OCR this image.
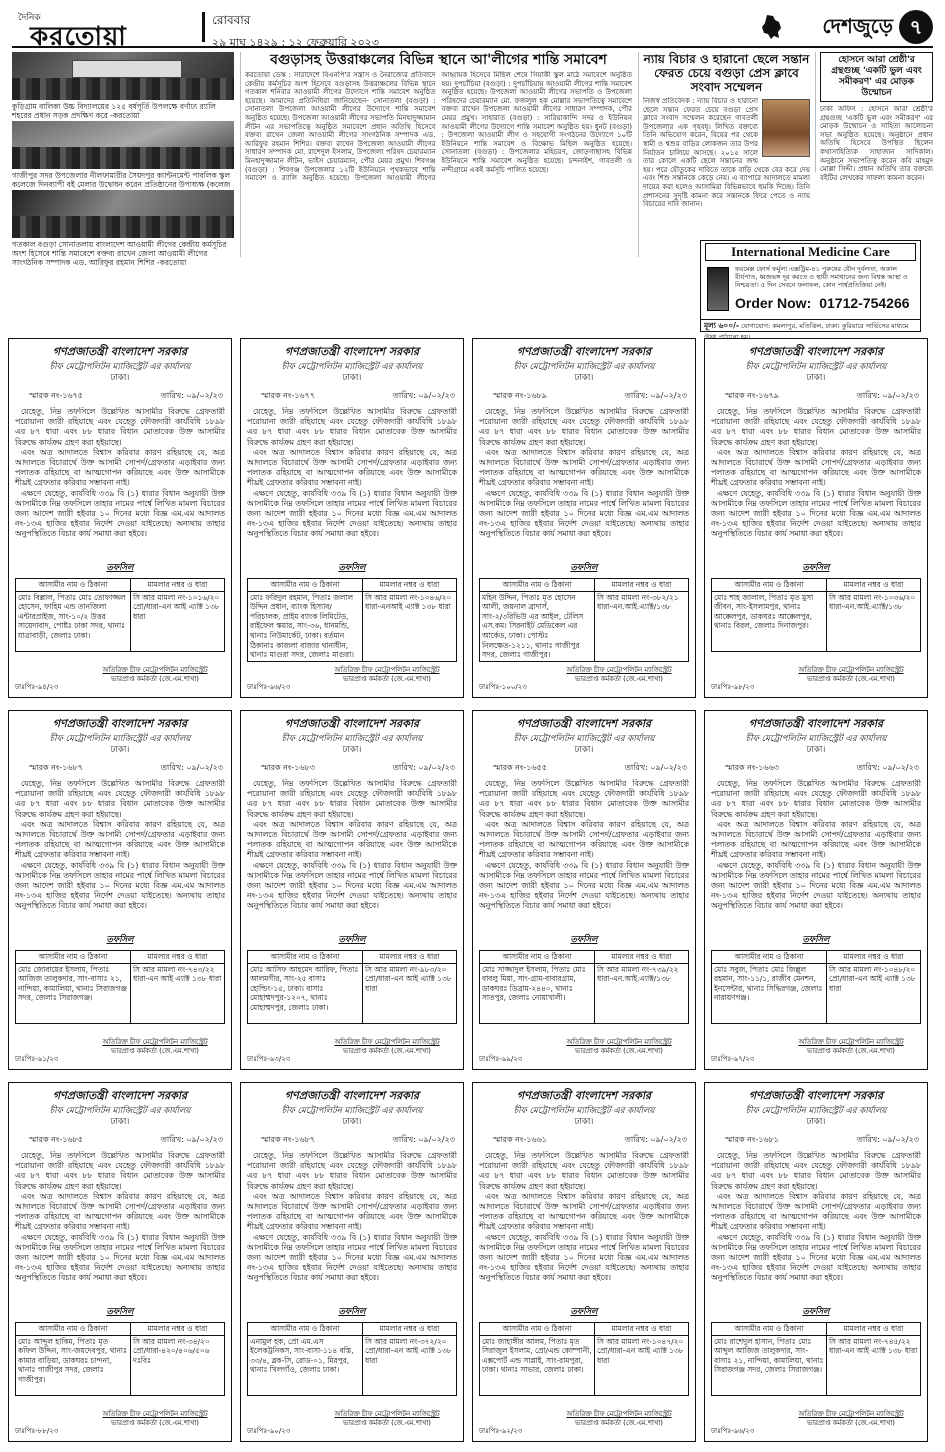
দৈনিক
করতোয়া
রোববার
২৯ মাঘ ১৪২৯ : ১২ ফেব্রুয়ারি ২০২৩
দেশজুড়ে ৭
কুড়িগ্রাম বালিকা উচ্চ বিদ্যালয়ের ১২৫ বর্ষপূর্তি উপলক্ষে বর্ণাঢ্য র‌্যালি শহরের প্রধান সড়ক প্রদক্ষিণ করে -করতোয়া
গাজীপুর সদর উপজেলার নীলফামারীর সৈয়দপুর ক্যান্টনমেন্ট পাবলিক স্কুল কলেজে দিনব্যাপী বই মেলার উদ্বোধন করেন প্রতিষ্ঠানের উপাধ্যক্ষ (কলেজ
গতকাল বগুড়া সোনাতলায় বাংলাদেশ আওয়ামী লীগের কেন্দ্রীয় কর্মসূচির অংশ হিসেবে শান্তি সমাবেশে বক্তব্য রাখেন জেলা আওয়ামী লীগের সাংগঠনিক সম্পাদক এড. আরিফুর রহমান শিশির -করতোয়া
বগুড়াসহ উত্তরাঞ্চলের বিভিন্ন স্থানে আ'লীগের শান্তি সমাবেশ
করতোয়া ডেস্ক : সারাদেশে বিএনপি'র সন্ত্রাস ও নৈরাজ্যের প্রতিবাদে কেন্দ্রীয় কর্মসূচির অংশ হিসেবে বগুড়াসহ উত্তরাঞ্চলের বিভিন্ন স্থানে গতকাল শনিবার আওয়ামী লীগের উদ্যোগে শান্তি সমাবেশ অনুষ্ঠিত হয়েছে। আমাদের প্রতিনিধিরা জানিয়েছেন- সোনাতলা (বগুড়া) : সোনাতলা উপজেলা আওয়ামী লীগের উদ্যোগে শান্তি সমাবেশ অনুষ্ঠিত হয়েছে। উপজেলা আওয়ামী লীগের সভাপতি মিনহাদুজ্জামান লীটন এর সভাপতিত্বে অনুষ্ঠিত সমাবেশে প্রধান অতিথি হিসেবে বক্তব্য রাখেন জেলা আওয়ামী লীগের সাংগঠনিক সম্পাদক এড. আরিফুর রহমান শিশির। বক্তব্য রাখেন উপজেলা আওয়ামী লীগের সাধারণ সম্পাদক মো. রাশেদুল ইসলাম, উপজেলা পরিষদ চেয়ারম্যান মিনহাদুজ্জামান লীটন, ভাইস চেয়ারম্যান, পৌর মেয়র প্রমুখ। শিবগঞ্জ (বগুড়া) : শিবগঞ্জ উপজেলার ১২টি ইউনিয়নে পৃথকভাবে শান্তি সমাবেশ ও র‌্যালি অনুষ্ঠিত হয়েছে। উপজেলা আওয়ামী লীগের আহ্বায়ক হিসেবে মিছিল শেষে সিয়াকী স্কুল মাঠে সমাবেশে অনুষ্ঠিত হয়। দুপচাঁচিয়া (বগুড়া) : দুপচাঁচিয়ায় আওয়ামী লীগের শান্তি সমাবেশ অনুষ্ঠিত হয়েছে। উপজেলা আওয়ামী লীগের সভাপতি ও উপজেলা পরিষদের চেয়ারম্যান মো. ফজলুল হক মোল্লার সভাপতিত্বে সমাবেশে বক্তব্য রাখেন উপজেলা আওয়ামী লীগের সাধারণ সম্পাদক, পৌর মেয়র প্রমুখ। সাহারাত (বগুড়া) : সারিয়াকান্দি সদর ও ইউনিয়ন আওয়ামী লীগের উদ্যোগে শান্তি সমাবেশ অনুষ্ঠিত হয়। ধুনট (বগুড়া) : উপজেলা আওয়ামী লীগ ও সহযোগী সংগঠনের উদ্যোগে ১০টি ইউনিয়নে শান্তি সমাবেশ ও বিক্ষোভ মিছিল অনুষ্ঠিত হয়েছে। সোনাতলা (বগুড়া) : উপজেলার মহিচরণ, জোড়গাছাসহ বিভিন্ন ইউনিয়নে শান্তি সমাবেশ অনুষ্ঠিত হয়েছে। চন্দনাইশ, গাবতলী ও নন্দীগ্রামে একই কর্মসূচি পালিত হয়েছে।
ন্যায় বিচার ও হারানো ছেলে সন্তান ফেরত চেয়ে বগুড়া প্রেস ক্লাবে সংবাদ সম্মেলন
নিজস্ব প্রতিবেদক : ন্যায় বিচার ও হারানো ছেলে সন্তান ফেরত চেয়ে বগুড়া প্রেস ক্লাবে সংবাদ সম্মেলন করেছেন গাবতলী উপজেলার এক গৃহবধূ। লিখিত বক্তব্যে তিনি অভিযোগ করেন, বিয়ের পর থেকে স্বামী ও শ্বশুর বাড়ির লোকজন তার উপর নির্যাতন চালিয়ে আসছে। ২০১৫ সালে তার কোলে একটি ছেলে সন্তানের জন্ম হয়। পরে যৌতুকের দাবিতে তাকে বাড়ি থেকে বের করে দেয় এবং শিশু সন্তানকে কেড়ে নেয়। এ ব্যাপারে আদালতে মামলা দায়ের করা হলেও আসামিরা বিভিন্নভাবে হুমকি দিচ্ছে। তিনি প্রশাসনের সুদৃষ্টি কামনা করে সন্তানকে ফিরে পেতে ও ন্যায় বিচারের দাবি জানান।
হোসনে আরা শ্রেষ্ঠী'র গ্রন্থগুচ্ছ 'একটি ভুল এবং সমীকরণ' এর মোড়ক উন্মোচন
ঢাকা অফিস : হোসনে আরা শ্রেষ্ঠী'র গ্রন্থগুচ্ছ 'একটি ভুল এবং সমীকরণ' এর মোড়ক উন্মোচন ও সাহিত্য আলোচনা সভা অনুষ্ঠিত হয়েছে। অনুষ্ঠানে প্রধান অতিথি হিসেবে উপস্থিত ছিলেন কথাসাহিত্যিক সাহাজান সাদিকাল। অনুষ্ঠানে সভাপতিত্ব করেন কবি মাহমুদ মোল্লা সিদ্দী। প্রধান অতিথি তার বক্তব্যে বইটির লেখকের সাফল্য কামনা করেন।
International Medicine Care
ফরমেক্স ফোর্স ফর্মুলা এক্সট্রিম-৪১ পুরুষের যৌন দুর্বলতা, অকাল বীর্যপাত, ধ্বজভঙ্গ দূর করতে ও স্থায়ী সমাধানের জন্য বিশ্বস্ত আস্থা ও নিশ্চয়তা। ৫ দিন সেবনে ফলাফল, কোন পার্শ্বপ্রতিক্রিয়া নেই।
Order Now: 01712-754266
মূল্য ৬০০/- যোগাযোগ: কমলাপুর, মতিঝিল, ঢাকা। কুরিয়ারে সার্ভিসের মাধ্যমে ঔষধ পাঠানো হয়।
গণপ্রজাতন্ত্রী বাংলাদেশ সরকার
চীফ মেট্রোপলিটন ম্যাজিস্ট্রেট এর কার্যালয়
ঢাকা।
স্মারক নং-১৬৭৫	তারিখ: ০৯/০২/২৩

যেহেতু, নিম্ন তফসিলে উল্লেখিত আসামীর বিরুদ্ধে গ্রেফতারী পরোয়ানা জারী রহিয়াছে এবং যেহেতু ফৌজদারী কার্যবিধি ১৮৯৮ এর ৮৭ ধারা এবং ৮৮ ধারার বিধান মোতাবেক উক্ত আসামীর বিরুদ্ধে কার্যক্রম গ্রহণ করা হইয়াছে।

এবং অত্র আদালতে বিশ্বাস করিবার কারণ রহিয়াছে যে, অত্র আদালতে বিচারার্থে উক্ত আসামী সোপর্দ/গ্রেফতার এড়াইবার জন্য পলাতক রহিয়াছে বা আত্মগোপন করিয়াছে এবং উক্ত আসামীকে শীঘ্রই গ্রেফতার করিবার সম্ভাবনা নাই।

এক্ষণে যেহেতু, কার্যবিধি ৩৩৯ বি (১) ধারার বিধান অনুযায়ী উক্ত আসামীকে নিম্ন তফসিলে তাহার নামের পার্শ্বে লিখিত মামলা বিচারের জন্য আদেশ জারী হইবার ১০ দিনের মধ্যে বিজ্ঞ এম.এম আদালত নং-১৩এ হাজির হইবার নির্দেশ দেওয়া যাইতেছে। অন্যথায় তাহার অনুপস্থিতিতে বিচার কার্য সমাধা করা হইবে।

তফসিল
আসামীর নাম ও ঠিকানা	মামলার নম্বর ও ধারা
মোঃ বিল্লাল, পিতাঃ মোঃ তোফাজ্জল হোসেন, ফাহিম এন্ড তানজিলা এন্টারপ্রাইজ, সাং-১০/২ উত্তর সায়েদাবাদ, পোষ্টঃ ঢাকা সদর, থানাঃ যাত্রাবাড়ী, জেলাঃ ঢাকা।	সি আর মামলা নং-১০১৬/২০ প্রো/ধারা-এন আই এ্যাক্ট ১৩৮ ধারা
অতিরিক্ত চীফ মেট্রোপলিটন ম্যাজিস্ট্রেট
ভারপ্রাপ্ত কর্মকর্তা (জে.এম.শাখা)
ঢাঃপিঃ-৯৪/২৩
গণপ্রজাতন্ত্রী বাংলাদেশ সরকার
চীফ মেট্রোপলিটন ম্যাজিস্ট্রেট এর কার্যালয়
ঢাকা।
স্মারক নং-১৬৭৭	তারিখ: ০৯/০২/২৩

যেহেতু, নিম্ন তফসিলে উল্লেখিত আসামীর বিরুদ্ধে গ্রেফতারী পরোয়ানা জারী রহিয়াছে এবং যেহেতু ফৌজদারী কার্যবিধি ১৮৯৮ এর ৮৭ ধারা এবং ৮৮ ধারার বিধান মোতাবেক উক্ত আসামীর বিরুদ্ধে কার্যক্রম গ্রহণ করা হইয়াছে।

এবং অত্র আদালতে বিশ্বাস করিবার কারণ রহিয়াছে যে, অত্র আদালতে বিচারার্থে উক্ত আসামী সোপর্দ/গ্রেফতার এড়াইবার জন্য পলাতক রহিয়াছে বা আত্মগোপন করিয়াছে এবং উক্ত আসামীকে শীঘ্রই গ্রেফতার করিবার সম্ভাবনা নাই।

এক্ষণে যেহেতু, কার্যবিধি ৩৩৯ বি (১) ধারার বিধান অনুযায়ী উক্ত আসামীকে নিম্ন তফসিলে তাহার নামের পার্শ্বে লিখিত মামলা বিচারের জন্য আদেশ জারী হইবার ১০ দিনের মধ্যে বিজ্ঞ এম.এম আদালত নং-১৩এ হাজির হইবার নির্দেশ দেওয়া যাইতেছে। অন্যথায় তাহার অনুপস্থিতিতে বিচার কার্য সমাধা করা হইবে।

তফসিল
আসামীর নাম ও ঠিকানা	মামলার নম্বর ও ধারা
মোঃ ফরিদুল রহমান, পিতাঃ জলাল উদ্দিন প্রধান, ব্যাংক হিস্যাব/পরিচালক, প্রাইম ব্যাংক লিমিটেড, রাইফেল স্কয়ার, সাং-৩৬, ধানমন্ডি, থানাঃ নিউমার্কেট, ঢাকা। বর্তমান ঠিকানাঃ কাজলা বাজার থানাধীন, থানাঃ মাগুরা সদর, জেলাঃ মাগুরা।	সি আর মামলা নং-১০৪৬/২০ ধারা-এনআই এ্যাক্ট ১৩৮ ধারা
অতিরিক্ত চীফ মেট্রোপলিটন ম্যাজিস্ট্রেট
ভারপ্রাপ্ত কর্মকর্তা (জে.এম.শাখা)
ঢাঃপিঃ-৯৬/২৩
গণপ্রজাতন্ত্রী বাংলাদেশ সরকার
চীফ মেট্রোপলিটন ম্যাজিস্ট্রেট এর কার্যালয়
ঢাকা।
স্মারক নং-১৬৮৯	তারিখ: ০৯/০২/২৩

যেহেতু, নিম্ন তফসিলে উল্লেখিত আসামীর বিরুদ্ধে গ্রেফতারী পরোয়ানা জারী রহিয়াছে এবং যেহেতু ফৌজদারী কার্যবিধি ১৮৯৮ এর ৮৭ ধারা এবং ৮৮ ধারার বিধান মোতাবেক উক্ত আসামীর বিরুদ্ধে কার্যক্রম গ্রহণ করা হইয়াছে।

এবং অত্র আদালতে বিশ্বাস করিবার কারণ রহিয়াছে যে, অত্র আদালতে বিচারার্থে উক্ত আসামী সোপর্দ/গ্রেফতার এড়াইবার জন্য পলাতক রহিয়াছে বা আত্মগোপন করিয়াছে এবং উক্ত আসামীকে শীঘ্রই গ্রেফতার করিবার সম্ভাবনা নাই।

এক্ষণে যেহেতু, কার্যবিধি ৩৩৯ বি (১) ধারার বিধান অনুযায়ী উক্ত আসামীকে নিম্ন তফসিলে তাহার নামের পার্শ্বে লিখিত মামলা বিচারের জন্য আদেশ জারী হইবার ১০ দিনের মধ্যে বিজ্ঞ এম.এম আদালত নং-১৩এ হাজির হইবার নির্দেশ দেওয়া যাইতেছে। অন্যথায় তাহার অনুপস্থিতিতে বিচার কার্য সমাধা করা হইবে।

তফসিল
আসামীর নাম ও ঠিকানা	মামলার নম্বর ও ধারা
মহিন উদ্দিন, পিতাঃ মৃত হোসেন আলী, জয়নাল ব্রাদার্স, সাং-২/৩রিভিউ এর আইল, টেলিস এস.কম। সিরনাইট মেডিকেল এর আর্কেড, ঢাকা। পোস্টঃ নিলক্ষেত-১২১১, থানাঃ গাজীপুর সদর, জেলাঃ গাজীপুর।	সি আর মামলা নং-৩৮২/২১ ধারা-এন.আই.এ্যাক্ট/১৩৮
অতিরিক্ত চীফ মেট্রোপলিটন ম্যাজিস্ট্রেট
ভারপ্রাপ্ত কর্মকর্তা (জে.এম.শাখা)
ঢাঃপিঃ-১০০/২৩
গণপ্রজাতন্ত্রী বাংলাদেশ সরকার
চীফ মেট্রোপলিটন ম্যাজিস্ট্রেট এর কার্যালয়
ঢাকা।
স্মারক নং-১৬৭৯	তারিখ: ০৯/০২/২৩

যেহেতু, নিম্ন তফসিলে উল্লেখিত আসামীর বিরুদ্ধে গ্রেফতারী পরোয়ানা জারী রহিয়াছে এবং যেহেতু ফৌজদারী কার্যবিধি ১৮৯৮ এর ৮৭ ধারা এবং ৮৮ ধারার বিধান মোতাবেক উক্ত আসামীর বিরুদ্ধে কার্যক্রম গ্রহণ করা হইয়াছে।

এবং অত্র আদালতে বিশ্বাস করিবার কারণ রহিয়াছে যে, অত্র আদালতে বিচারার্থে উক্ত আসামী সোপর্দ/গ্রেফতার এড়াইবার জন্য পলাতক রহিয়াছে বা আত্মগোপন করিয়াছে এবং উক্ত আসামীকে শীঘ্রই গ্রেফতার করিবার সম্ভাবনা নাই।

এক্ষণে যেহেতু, কার্যবিধি ৩৩৯ বি (১) ধারার বিধান অনুযায়ী উক্ত আসামীকে নিম্ন তফসিলে তাহার নামের পার্শ্বে লিখিত মামলা বিচারের জন্য আদেশ জারী হইবার ১০ দিনের মধ্যে বিজ্ঞ এম.এম আদালত নং-১৩এ হাজির হইবার নির্দেশ দেওয়া যাইতেছে। অন্যথায় তাহার অনুপস্থিতিতে বিচার কার্য সমাধা করা হইবে।

তফসিল
আসামীর নাম ও ঠিকানা	মামলার নম্বর ও ধারা
মোঃ শাহ জালাল, পিতাঃ মৃত মুসা জীবন, সাং-ইসলামপুর, থানাঃ আক্কেলপুর, ডাকঘরঃ আক্কেলপুর, থানাঃ বিরল, জেলাঃ দিনাজপুর।	সি আর মামলা নং-১০৩৬/২০ ধারা-এন.আই.এ্যাক্ট/১৩৮
অতিরিক্ত চীফ মেট্রোপলিটন ম্যাজিস্ট্রেট
ভারপ্রাপ্ত কর্মকর্তা (জে.এম.শাখা)
ঢাঃপিঃ-৯৮/২৩
গণপ্রজাতন্ত্রী বাংলাদেশ সরকার
চীফ মেট্রোপলিটন ম্যাজিস্ট্রেট এর কার্যালয়
ঢাকা।
স্মারক নং-১৬৮৭	তারিখ: ০৯/০২/২৩

যেহেতু, নিম্ন তফসিলে উল্লেখিত আসামীর বিরুদ্ধে গ্রেফতারী পরোয়ানা জারী রহিয়াছে এবং যেহেতু ফৌজদারী কার্যবিধি ১৮৯৮ এর ৮৭ ধারা এবং ৮৮ ধারার বিধান মোতাবেক উক্ত আসামীর বিরুদ্ধে কার্যক্রম গ্রহণ করা হইয়াছে।

এবং অত্র আদালতে বিশ্বাস করিবার কারণ রহিয়াছে যে, অত্র আদালতে বিচারার্থে উক্ত আসামী সোপর্দ/গ্রেফতার এড়াইবার জন্য পলাতক রহিয়াছে বা আত্মগোপন করিয়াছে এবং উক্ত আসামীকে শীঘ্রই গ্রেফতার করিবার সম্ভাবনা নাই।

এক্ষণে যেহেতু, কার্যবিধি ৩৩৯ বি (১) ধারার বিধান অনুযায়ী উক্ত আসামীকে নিম্ন তফসিলে তাহার নামের পার্শ্বে লিখিত মামলা বিচারের জন্য আদেশ জারী হইবার ১০ দিনের মধ্যে বিজ্ঞ এম.এম আদালত নং-১৩এ হাজির হইবার নির্দেশ দেওয়া যাইতেছে। অন্যথায় তাহার অনুপস্থিতিতে বিচার কার্য সমাধা করা হইবে।

তফসিল
আসামীর নাম ও ঠিকানা	মামলার নম্বর ও ধারা
মোঃ জোবায়ের ইসলাম, পিতাঃ আজিজ তালুকদার, সাং-বাসাঃ ২১, নান্দিয়া, কামালিয়া, থানাঃ সিরাজগঞ্জ সদর, জেলাঃ সিরাজগঞ্জ।	সি আর মামলা নং-৭৪৩/২২ ধারা-এন আই এ্যাক্ট ১৩৮ ধারা
অতিরিক্ত চীফ মেট্রোপলিটন ম্যাজিস্ট্রেট
ভারপ্রাপ্ত কর্মকর্তা (জে.এম.শাখা)
ঢাঃপিঃ-৯১/২৩
গণপ্রজাতন্ত্রী বাংলাদেশ সরকার
চীফ মেট্রোপলিটন ম্যাজিস্ট্রেট এর কার্যালয়
ঢাকা।
স্মারক নং-১৬৮৩	তারিখ: ০৯/০২/২৩

যেহেতু, নিম্ন তফসিলে উল্লেখিত আসামীর বিরুদ্ধে গ্রেফতারী পরোয়ানা জারী রহিয়াছে এবং যেহেতু ফৌজদারী কার্যবিধি ১৮৯৮ এর ৮৭ ধারা এবং ৮৮ ধারার বিধান মোতাবেক উক্ত আসামীর বিরুদ্ধে কার্যক্রম গ্রহণ করা হইয়াছে।

এবং অত্র আদালতে বিশ্বাস করিবার কারণ রহিয়াছে যে, অত্র আদালতে বিচারার্থে উক্ত আসামী সোপর্দ/গ্রেফতার এড়াইবার জন্য পলাতক রহিয়াছে বা আত্মগোপন করিয়াছে এবং উক্ত আসামীকে শীঘ্রই গ্রেফতার করিবার সম্ভাবনা নাই।

এক্ষণে যেহেতু, কার্যবিধি ৩৩৯ বি (১) ধারার বিধান অনুযায়ী উক্ত আসামীকে নিম্ন তফসিলে তাহার নামের পার্শ্বে লিখিত মামলা বিচারের জন্য আদেশ জারী হইবার ১০ দিনের মধ্যে বিজ্ঞ এম.এম আদালত নং-১৩এ হাজির হইবার নির্দেশ দেওয়া যাইতেছে। অন্যথায় তাহার অনুপস্থিতিতে বিচার কার্য সমাধা করা হইবে।

তফসিল
আসামীর নাম ও ঠিকানা	মামলার নম্বর ও ধারা
মোঃ আসিফ আহমেদ আরিফ, পিতাঃ আলমগীর, সাং-২৫ বাসাঃ হোল্ডিং-১৫, ঢাকা। বাসাঃ মোহাম্মদপুর-১২০৭, থানাঃ মোহাম্মদপুর, জেলাঃ ঢাকা।	সি আর মামলা নং-৯৮৩/২০ প্রো/ধারা-এন আই এ্যাক্ট ১৩৮ ধারা
অতিরিক্ত চীফ মেট্রোপলিটন ম্যাজিস্ট্রেট
ভারপ্রাপ্ত কর্মকর্তা (জে.এম.শাখা)
ঢাঃপিঃ-৯৩/২৩
গণপ্রজাতন্ত্রী বাংলাদেশ সরকার
চীফ মেট্রোপলিটন ম্যাজিস্ট্রেট এর কার্যালয়
ঢাকা।
স্মারক নং-১৬৫৫	তারিখ: ০৯/০২/২৩

যেহেতু, নিম্ন তফসিলে উল্লেখিত আসামীর বিরুদ্ধে গ্রেফতারী পরোয়ানা জারী রহিয়াছে এবং যেহেতু ফৌজদারী কার্যবিধি ১৮৯৮ এর ৮৭ ধারা এবং ৮৮ ধারার বিধান মোতাবেক উক্ত আসামীর বিরুদ্ধে কার্যক্রম গ্রহণ করা হইয়াছে।

এবং অত্র আদালতে বিশ্বাস করিবার কারণ রহিয়াছে যে, অত্র আদালতে বিচারার্থে উক্ত আসামী সোপর্দ/গ্রেফতার এড়াইবার জন্য পলাতক রহিয়াছে বা আত্মগোপন করিয়াছে এবং উক্ত আসামীকে শীঘ্রই গ্রেফতার করিবার সম্ভাবনা নাই।

এক্ষণে যেহেতু, কার্যবিধি ৩৩৯ বি (১) ধারার বিধান অনুযায়ী উক্ত আসামীকে নিম্ন তফসিলে তাহার নামের পার্শ্বে লিখিত মামলা বিচারের জন্য আদেশ জারী হইবার ১০ দিনের মধ্যে বিজ্ঞ এম.এম আদালত নং-১৩এ হাজির হইবার নির্দেশ দেওয়া যাইতেছে। অন্যথায় তাহার অনুপস্থিতিতে বিচার কার্য সমাধা করা হইবে।

তফসিল
আসামীর নাম ও ঠিকানা	মামলার নম্বর ও ধারা
মোঃ সাজ্জাদুল ইসলাম, পিতাঃ মোঃ বাবলু মিয়া, সাং-গ্রাম-বাবারগ্রাম, ডাকঘরঃ ডিব্রাম-২৪৪০, থানাঃ সাতপুর, জেলাঃ নোয়াখালী।	সি আর মামলা নং-৭৩৯/২২ ধারা-এন.আই.এ্যাক্ট/১৩৮
অতিরিক্ত চীফ মেট্রোপলিটন ম্যাজিস্ট্রেট
ভারপ্রাপ্ত কর্মকর্তা (জে.এম.শাখা)
ঢাঃপিঃ-৯৯/২৩
গণপ্রজাতন্ত্রী বাংলাদেশ সরকার
চীফ মেট্রোপলিটন ম্যাজিস্ট্রেট এর কার্যালয়
ঢাকা।
স্মারক নং-১৬৬৩	তারিখ: ০৯/০২/২৩

যেহেতু, নিম্ন তফসিলে উল্লেখিত আসামীর বিরুদ্ধে গ্রেফতারী পরোয়ানা জারী রহিয়াছে এবং যেহেতু ফৌজদারী কার্যবিধি ১৮৯৮ এর ৮৭ ধারা এবং ৮৮ ধারার বিধান মোতাবেক উক্ত আসামীর বিরুদ্ধে কার্যক্রম গ্রহণ করা হইয়াছে।

এবং অত্র আদালতে বিশ্বাস করিবার কারণ রহিয়াছে যে, অত্র আদালতে বিচারার্থে উক্ত আসামী সোপর্দ/গ্রেফতার এড়াইবার জন্য পলাতক রহিয়াছে বা আত্মগোপন করিয়াছে এবং উক্ত আসামীকে শীঘ্রই গ্রেফতার করিবার সম্ভাবনা নাই।

এক্ষণে যেহেতু, কার্যবিধি ৩৩৯ বি (১) ধারার বিধান অনুযায়ী উক্ত আসামীকে নিম্ন তফসিলে তাহার নামের পার্শ্বে লিখিত মামলা বিচারের জন্য আদেশ জারী হইবার ১০ দিনের মধ্যে বিজ্ঞ এম.এম আদালত নং-১৩এ হাজির হইবার নির্দেশ দেওয়া যাইতেছে। অন্যথায় তাহার অনুপস্থিতিতে বিচার কার্য সমাধা করা হইবে।

তফসিল
আসামীর নাম ও ঠিকানা	মামলার নম্বর ও ধারা
মোঃ সবুজ, পিতাঃ মোঃ জিল্লুল রহমান, সাং-১১/১, রাজীব মেনশন, ইনসেন্টার, থানাঃ সিদ্ধিরগঞ্জ, জেলাঃ নারায়ণগঞ্জ।	সি আর মামলা নং-১০৪৮/২০ প্রো/ধারা-এন আই এ্যাক্ট ১৩৮ ধারা
অতিরিক্ত চীফ মেট্রোপলিটন ম্যাজিস্ট্রেট
ভারপ্রাপ্ত কর্মকর্তা (জে.এম.শাখা)
ঢাঃপিঃ-৯৭/২৩
গণপ্রজাতন্ত্রী বাংলাদেশ সরকার
চীফ মেট্রোপলিটন ম্যাজিস্ট্রেট এর কার্যালয়
ঢাকা।
স্মারক নং-১৬৮৫	তারিখ: ০৯/০২/২৩

যেহেতু, নিম্ন তফসিলে উল্লেখিত আসামীর বিরুদ্ধে গ্রেফতারী পরোয়ানা জারী রহিয়াছে এবং যেহেতু ফৌজদারী কার্যবিধি ১৮৯৮ এর ৮৭ ধারা এবং ৮৮ ধারার বিধান মোতাবেক উক্ত আসামীর বিরুদ্ধে কার্যক্রম গ্রহণ করা হইয়াছে।

এবং অত্র আদালতে বিশ্বাস করিবার কারণ রহিয়াছে যে, অত্র আদালতে বিচারার্থে উক্ত আসামী সোপর্দ/গ্রেফতার এড়াইবার জন্য পলাতক রহিয়াছে বা আত্মগোপন করিয়াছে এবং উক্ত আসামীকে শীঘ্রই গ্রেফতার করিবার সম্ভাবনা নাই।

এক্ষণে যেহেতু, কার্যবিধি ৩৩৯ বি (১) ধারার বিধান অনুযায়ী উক্ত আসামীকে নিম্ন তফসিলে তাহার নামের পার্শ্বে লিখিত মামলা বিচারের জন্য আদেশ জারী হইবার ১০ দিনের মধ্যে বিজ্ঞ এম.এম আদালত নং-১৩এ হাজির হইবার নির্দেশ দেওয়া যাইতেছে। অন্যথায় তাহার অনুপস্থিতিতে বিচার কার্য সমাধা করা হইবে।

তফসিল
আসামীর নাম ও ঠিকানা	মামলার নম্বর ও ধারা
মোঃ আব্দুল হাকিম, পিতাঃ মৃত কফিল উদ্দিন, সাং-জয়দেবপুর, থানাঃ কামার বাড়িয়া, ডাকঘরঃ চান্দনা, থানাঃ গাজীপুর সদর, জেলাঃ গাজীপুর।	সি আর মামলা নং-৩৪/২০ প্রো/ধারা-৪২০/৪০৬/৫০৬ দঃবিঃ
অতিরিক্ত চীফ মেট্রোপলিটন ম্যাজিস্ট্রেট
ভারপ্রাপ্ত কর্মকর্তা (জে.এম.শাখা)
ঢাঃপিঃ-৮৮/২৩
গণপ্রজাতন্ত্রী বাংলাদেশ সরকার
চীফ মেট্রোপলিটন ম্যাজিস্ট্রেট এর কার্যালয়
ঢাকা।
স্মারক নং-১৬৮৭	তারিখ: ০৯/০২/২৩

যেহেতু, নিম্ন তফসিলে উল্লেখিত আসামীর বিরুদ্ধে গ্রেফতারী পরোয়ানা জারী রহিয়াছে এবং যেহেতু ফৌজদারী কার্যবিধি ১৮৯৮ এর ৮৭ ধারা এবং ৮৮ ধারার বিধান মোতাবেক উক্ত আসামীর বিরুদ্ধে কার্যক্রম গ্রহণ করা হইয়াছে।

এবং অত্র আদালতে বিশ্বাস করিবার কারণ রহিয়াছে যে, অত্র আদালতে বিচারার্থে উক্ত আসামী সোপর্দ/গ্রেফতার এড়াইবার জন্য পলাতক রহিয়াছে বা আত্মগোপন করিয়াছে এবং উক্ত আসামীকে শীঘ্রই গ্রেফতার করিবার সম্ভাবনা নাই।

এক্ষণে যেহেতু, কার্যবিধি ৩৩৯ বি (১) ধারার বিধান অনুযায়ী উক্ত আসামীকে নিম্ন তফসিলে তাহার নামের পার্শ্বে লিখিত মামলা বিচারের জন্য আদেশ জারী হইবার ১০ দিনের মধ্যে বিজ্ঞ এম.এম আদালত নং-১৩এ হাজির হইবার নির্দেশ দেওয়া যাইতেছে। অন্যথায় তাহার অনুপস্থিতিতে বিচার কার্য সমাধা করা হইবে।

তফসিল
আসামীর নাম ও ঠিকানা	মামলার নম্বর ও ধারা
এনামুল হক, প্রো এম.এস ইলেকট্রনিকস, সাং-বাসা-১১৪ বস্তি, ৩৩/৪, ব্লক-সি, রোড-০১, মিরপুর, থানাঃ খিলগাঁও, জেলাঃ ঢাকা।	সি আর মামলা নং-৩৭২/২০ প্রো/ধারা-এন আই এ্যাক্ট ১৩৮ ধারা
অতিরিক্ত চীফ মেট্রোপলিটন ম্যাজিস্ট্রেট
ভারপ্রাপ্ত কর্মকর্তা (জে.এম.শাখা)
ঢাঃপিঃ-৯০/২৩
গণপ্রজাতন্ত্রী বাংলাদেশ সরকার
চীফ মেট্রোপলিটন ম্যাজিস্ট্রেট এর কার্যালয়
ঢাকা।
স্মারক নং-১৬৬১	তারিখ: ০৯/০২/২৩

যেহেতু, নিম্ন তফসিলে উল্লেখিত আসামীর বিরুদ্ধে গ্রেফতারী পরোয়ানা জারী রহিয়াছে এবং যেহেতু ফৌজদারী কার্যবিধি ১৮৯৮ এর ৮৭ ধারা এবং ৮৮ ধারার বিধান মোতাবেক উক্ত আসামীর বিরুদ্ধে কার্যক্রম গ্রহণ করা হইয়াছে।

এবং অত্র আদালতে বিশ্বাস করিবার কারণ রহিয়াছে যে, অত্র আদালতে বিচারার্থে উক্ত আসামী সোপর্দ/গ্রেফতার এড়াইবার জন্য পলাতক রহিয়াছে বা আত্মগোপন করিয়াছে এবং উক্ত আসামীকে শীঘ্রই গ্রেফতার করিবার সম্ভাবনা নাই।

এক্ষণে যেহেতু, কার্যবিধি ৩৩৯ বি (১) ধারার বিধান অনুযায়ী উক্ত আসামীকে নিম্ন তফসিলে তাহার নামের পার্শ্বে লিখিত মামলা বিচারের জন্য আদেশ জারী হইবার ১০ দিনের মধ্যে বিজ্ঞ এম.এম আদালত নং-১৩এ হাজির হইবার নির্দেশ দেওয়া যাইতেছে। অন্যথায় তাহার অনুপস্থিতিতে বিচার কার্য সমাধা করা হইবে।

তফসিল
আসামীর নাম ও ঠিকানা	মামলার নম্বর ও ধারা
মোঃ জাহাঙ্গীর আলম, পিতাঃ মৃত সিরাজুল ইসলাম, প্রো/এন্ড কোম্পানী, এক্সপোর্ট এন্ড সাপ্লাই, সাং-রামপুরা, ঢাকা। থানাঃ সাভার, জেলাঃ ঢাকা।	সি আর মামলা নং-১০৪৭/২০ প্রো/ধারা-এন আই এ্যাক্ট ১৩৮ ধারা
অতিরিক্ত চীফ মেট্রোপলিটন ম্যাজিস্ট্রেট
ভারপ্রাপ্ত কর্মকর্তা (জে.এম.শাখা)
ঢাঃপিঃ-৯২/২৩
গণপ্রজাতন্ত্রী বাংলাদেশ সরকার
চীফ মেট্রোপলিটন ম্যাজিস্ট্রেট এর কার্যালয়
ঢাকা।
স্মারক নং-১৬৮১	তারিখ: ০৯/০২/২৩

যেহেতু, নিম্ন তফসিলে উল্লেখিত আসামীর বিরুদ্ধে গ্রেফতারী পরোয়ানা জারী রহিয়াছে এবং যেহেতু ফৌজদারী কার্যবিধি ১৮৯৮ এর ৮৭ ধারা এবং ৮৮ ধারার বিধান মোতাবেক উক্ত আসামীর বিরুদ্ধে কার্যক্রম গ্রহণ করা হইয়াছে।

এবং অত্র আদালতে বিশ্বাস করিবার কারণ রহিয়াছে যে, অত্র আদালতে বিচারার্থে উক্ত আসামী সোপর্দ/গ্রেফতার এড়াইবার জন্য পলাতক রহিয়াছে বা আত্মগোপন করিয়াছে এবং উক্ত আসামীকে শীঘ্রই গ্রেফতার করিবার সম্ভাবনা নাই।

এক্ষণে যেহেতু, কার্যবিধি ৩৩৯ বি (১) ধারার বিধান অনুযায়ী উক্ত আসামীকে নিম্ন তফসিলে তাহার নামের পার্শ্বে লিখিত মামলা বিচারের জন্য আদেশ জারী হইবার ১০ দিনের মধ্যে বিজ্ঞ এম.এম আদালত নং-১৩এ হাজির হইবার নির্দেশ দেওয়া যাইতেছে। অন্যথায় তাহার অনুপস্থিতিতে বিচার কার্য সমাধা করা হইবে।

তফসিল
আসামীর নাম ও ঠিকানা	মামলার নম্বর ও ধারা
মোঃ রাশেদুল হাসান, পিতাঃ মোঃ আব্দুল আজিজ তালুকদার, সাং-বাসাঃ ২১, নান্দিয়া, কামালিয়া, থানাঃ সিরাজগঞ্জ সদর, জেলাঃ সিরাজগঞ্জ।	সি আর মামলা নং-৭৪৫/২২ ধারা-এন আই এ্যাক্ট ১৩৮ ধারা
অতিরিক্ত চীফ মেট্রোপলিটন ম্যাজিস্ট্রেট
ভারপ্রাপ্ত কর্মকর্তা (জে.এম.শাখা)
ঢাঃপিঃ-৯৬/২৩
